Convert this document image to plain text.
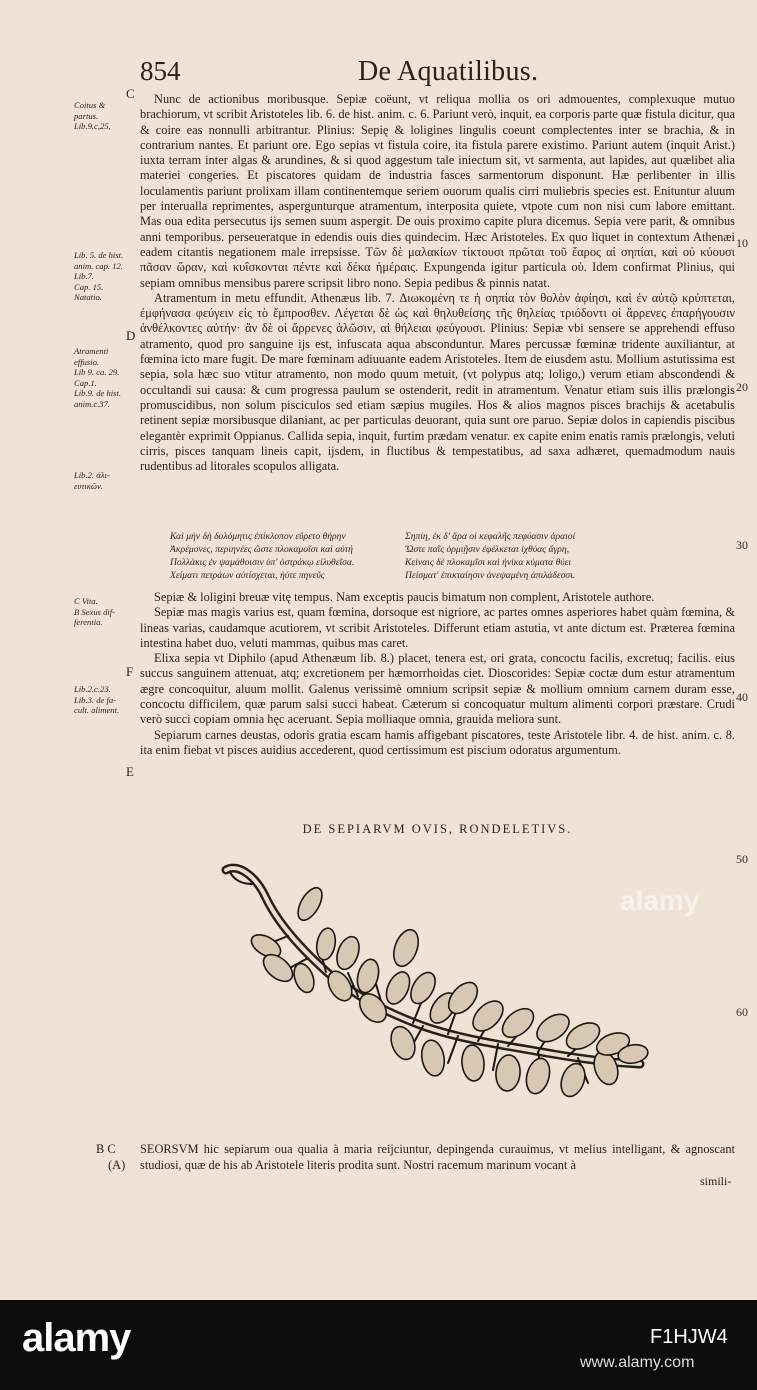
854	De Aquatilibus.
C
D
F
E
10
20
30
40
50
60
Coitus &
partus.
Lib.9.c,25,
Lib. 5. de hist.
anim. cap. 12.
Lib.7.
Cap. 15.
Natatio.
Atramenti
effusio.
Lib 9. ca. 29.
Cap.1.
Lib.9. de hist.
anim.c.37.
Lib.2. ἁλι-
ευτικῶν.
C Vita.
B Sexus dif-
ferentia.
Lib.2.c.23.
Lib.3. de fa-
cult. aliment.

Nunc de actionibus moribusque. Sepiæ coëunt, vt reliqua mollia os ori admouentes, complexuque mutuo brachiorum, vt scribit Aristoteles lib. 6. de hist. anim. c. 6. Pariunt verò, inquit, ea corporis parte quæ fistula dicitur, qua & coire eas nonnulli arbitrantur. Plinius: Sepię & loligines lingulis coeunt complectentes inter se brachia, & in contrarium nantes. Et pariunt ore. Ego sepias vt fistula coire, ita fistula parere existimo. Pariunt autem (inquit Arist.) iuxta terram inter algas & arundines, & si quod aggestum tale iniectum sit, vt sarmenta, aut lapides, aut quælibet alia materiei congeries. Et piscatores quidam de industria fasces sarmentorum disponunt. Hæ perlibenter in illis loculamentis pariunt prolixam illam continentemque seriem ouorum qualis cirri muliebris species est. Enituntur aluum per interualla reprimentes, aspergunturque atramentum, interposita quiete, vtpote cum non nisi cum labore emittant. Mas oua edita persecutus ijs semen suum aspergit. De ouis proximo capite plura dicemus. Sepia vere parit, & omnibus anni temporibus. perseueratque in edendis ouis dies quindecim. Hæc Aristoteles. Ex quo liquet in contextum Athenæi eadem citantis negationem male irrepsisse. Τῶν δὲ μαλακίων τίκτουσι πρῶται τοῦ ἔαρος αἱ σηπίαι, καὶ οὐ κύουσι πᾶσαν ὥραν, καὶ κυΐσκονται πέντε καὶ δέκα ἡμέραις. Expungenda igitur particula οὐ. Idem confirmat Plinius, qui sepiam omnibus mensibus parere scripsit libro nono. Sepia pedibus & pinnis natat.

Atramentum in metu effundit. Athenæus lib. 7. Διωκομένη τε ἡ σηπία τὸν θολὸν ἀφίησι, καὶ ἐν αὐτῷ κρύπτεται, ἐμφήνασα φεύγειν εἰς τὸ ἔμπροσθεν. Λέγεται δὲ ὡς καὶ θηλυθείσης τῆς θηλείας τριόδοντι οἱ ἄρρενες ἐπαρήγουσιν ἀνθέλκοντες αὐτήν· ἂν δὲ οἱ ἄρρενες ἁλῶσιν, αἱ θήλειαι φεύγουσι. Plinius: Sepiæ vbi sensere se apprehendi effuso atramento, quod pro sanguine ijs est, infuscata aqua absconduntur. Mares percussæ fœminæ tridente auxiliantur, at fœmina icto mare fugit. De mare fœminam adiuuante eadem Aristoteles. Item de eiusdem astu. Mollium astutissima est sepia, sola hæc suo vtitur atramento, non modo quum metuit, (vt polypus atq; loligo,) verum etiam abscondendi & occultandi sui causa: & cum progressa paulum se ostenderit, redit in atramentum. Venatur etiam suis illis prælongis promuscidibus, non solum pisciculos sed etiam sæpius mugiles. Hos & alios magnos pisces brachijs & acetabulis retinent sepiæ morsibusque dilaniant, ac per particulas deuorant, quia sunt ore paruo. Sepiæ dolos in capiendis piscibus elegantèr exprimit Oppianus. Callida sepia, inquit, furtim prædam venatur. ex capite enim enatis ramis prælongis, veluti cirris, pisces tanquam lineis capit, ijsdem, in fluctibus & tempestatibus, ad saxa adhæret, quemadmodum nauis rudentibus ad litorales scopulos alligata.

Καὶ μὴν δὴ δολόμητις ἐπίκλοπον εὕρετο θήρην	Σηπίη, ἐκ δ' ἄρα οἱ κεφαλῆς πεφύασιν ἀραιοί
Ἀκρέμονες, περιηνέες ὥστε πλοκαμοῖσι καὶ αὐτή	Ὥστε παῖς ὁρμιῇσιν ἐφέλκεται ἰχθύας ἄγρη,
Πολλάκις ἐν ψαμάθοισιν ὑπ' ὀστράκῳ εἰλυθεῖσα.	Κείναις δὲ πλοκαμῖσι καὶ ἠνίκα κύματα θύει
Χείματι πετράων αὐτίσχεται, ἠύτε πηνεῦς	Πείσματ' ἐπικταίησιν ἀνεψαμένη ἀπιλάδεσσι.

Sepiæ & loligini breuæ vitę tempus. Nam exceptis paucis bimatum non complent, Aristotele authore.

Sepiæ mas magis varius est, quam fœmina, dorsoque est nigriore, ac partes omnes asperiores habet quàm fœmina, & lineas varias, caudamque acutiorem, vt scribit Aristoteles. Differunt etiam astutia, vt ante dictum est. Præterea fœmina intestina habet duo, veluti mammas, quibus mas caret.

Elixa sepia vt Diphilo (apud Athenæum lib. 8.) placet, tenera est, ori grata, concoctu facilis, excretuq; facilis. eius succus sanguinem attenuat, atq; excretionem per hæmorrhoidas ciet. Dioscorides: Sepiæ coctæ dum estur atramentum ægre concoquitur, aluum mollit. Galenus verissimè omnium scripsit sepiæ & mollium omnium carnem duram esse, concoctu difficilem, quæ parum salsi succi habeat. Cæterum si concoquatur multum alimenti corpori præstare. Crudi verò succi copiam omnia hęc aceruant. Sepia molliaque omnia, grauida meliora sunt.

Sepiarum carnes deustas, odoris gratia escam hamis affigebant piscatores, teste Aristotele libr. 4. de hist. anim. c. 8. ita enim fiebat vt pisces auidius accederent, quod certissimum est piscium odoratus argumentum.

DE SEPIARVM OVIS, RONDELETIVS.
alamy
B C
(A)
SEORSVM hic sepiarum oua qualia à maria reijciuntur, depingenda curauimus, vt melius intelligant, & agnoscant studiosi, quæ de his ab Aristotele literis prodita sunt. Nostri racemum marinum vocant à
simili-
alamy	F1HJW4
www.alamy.com
